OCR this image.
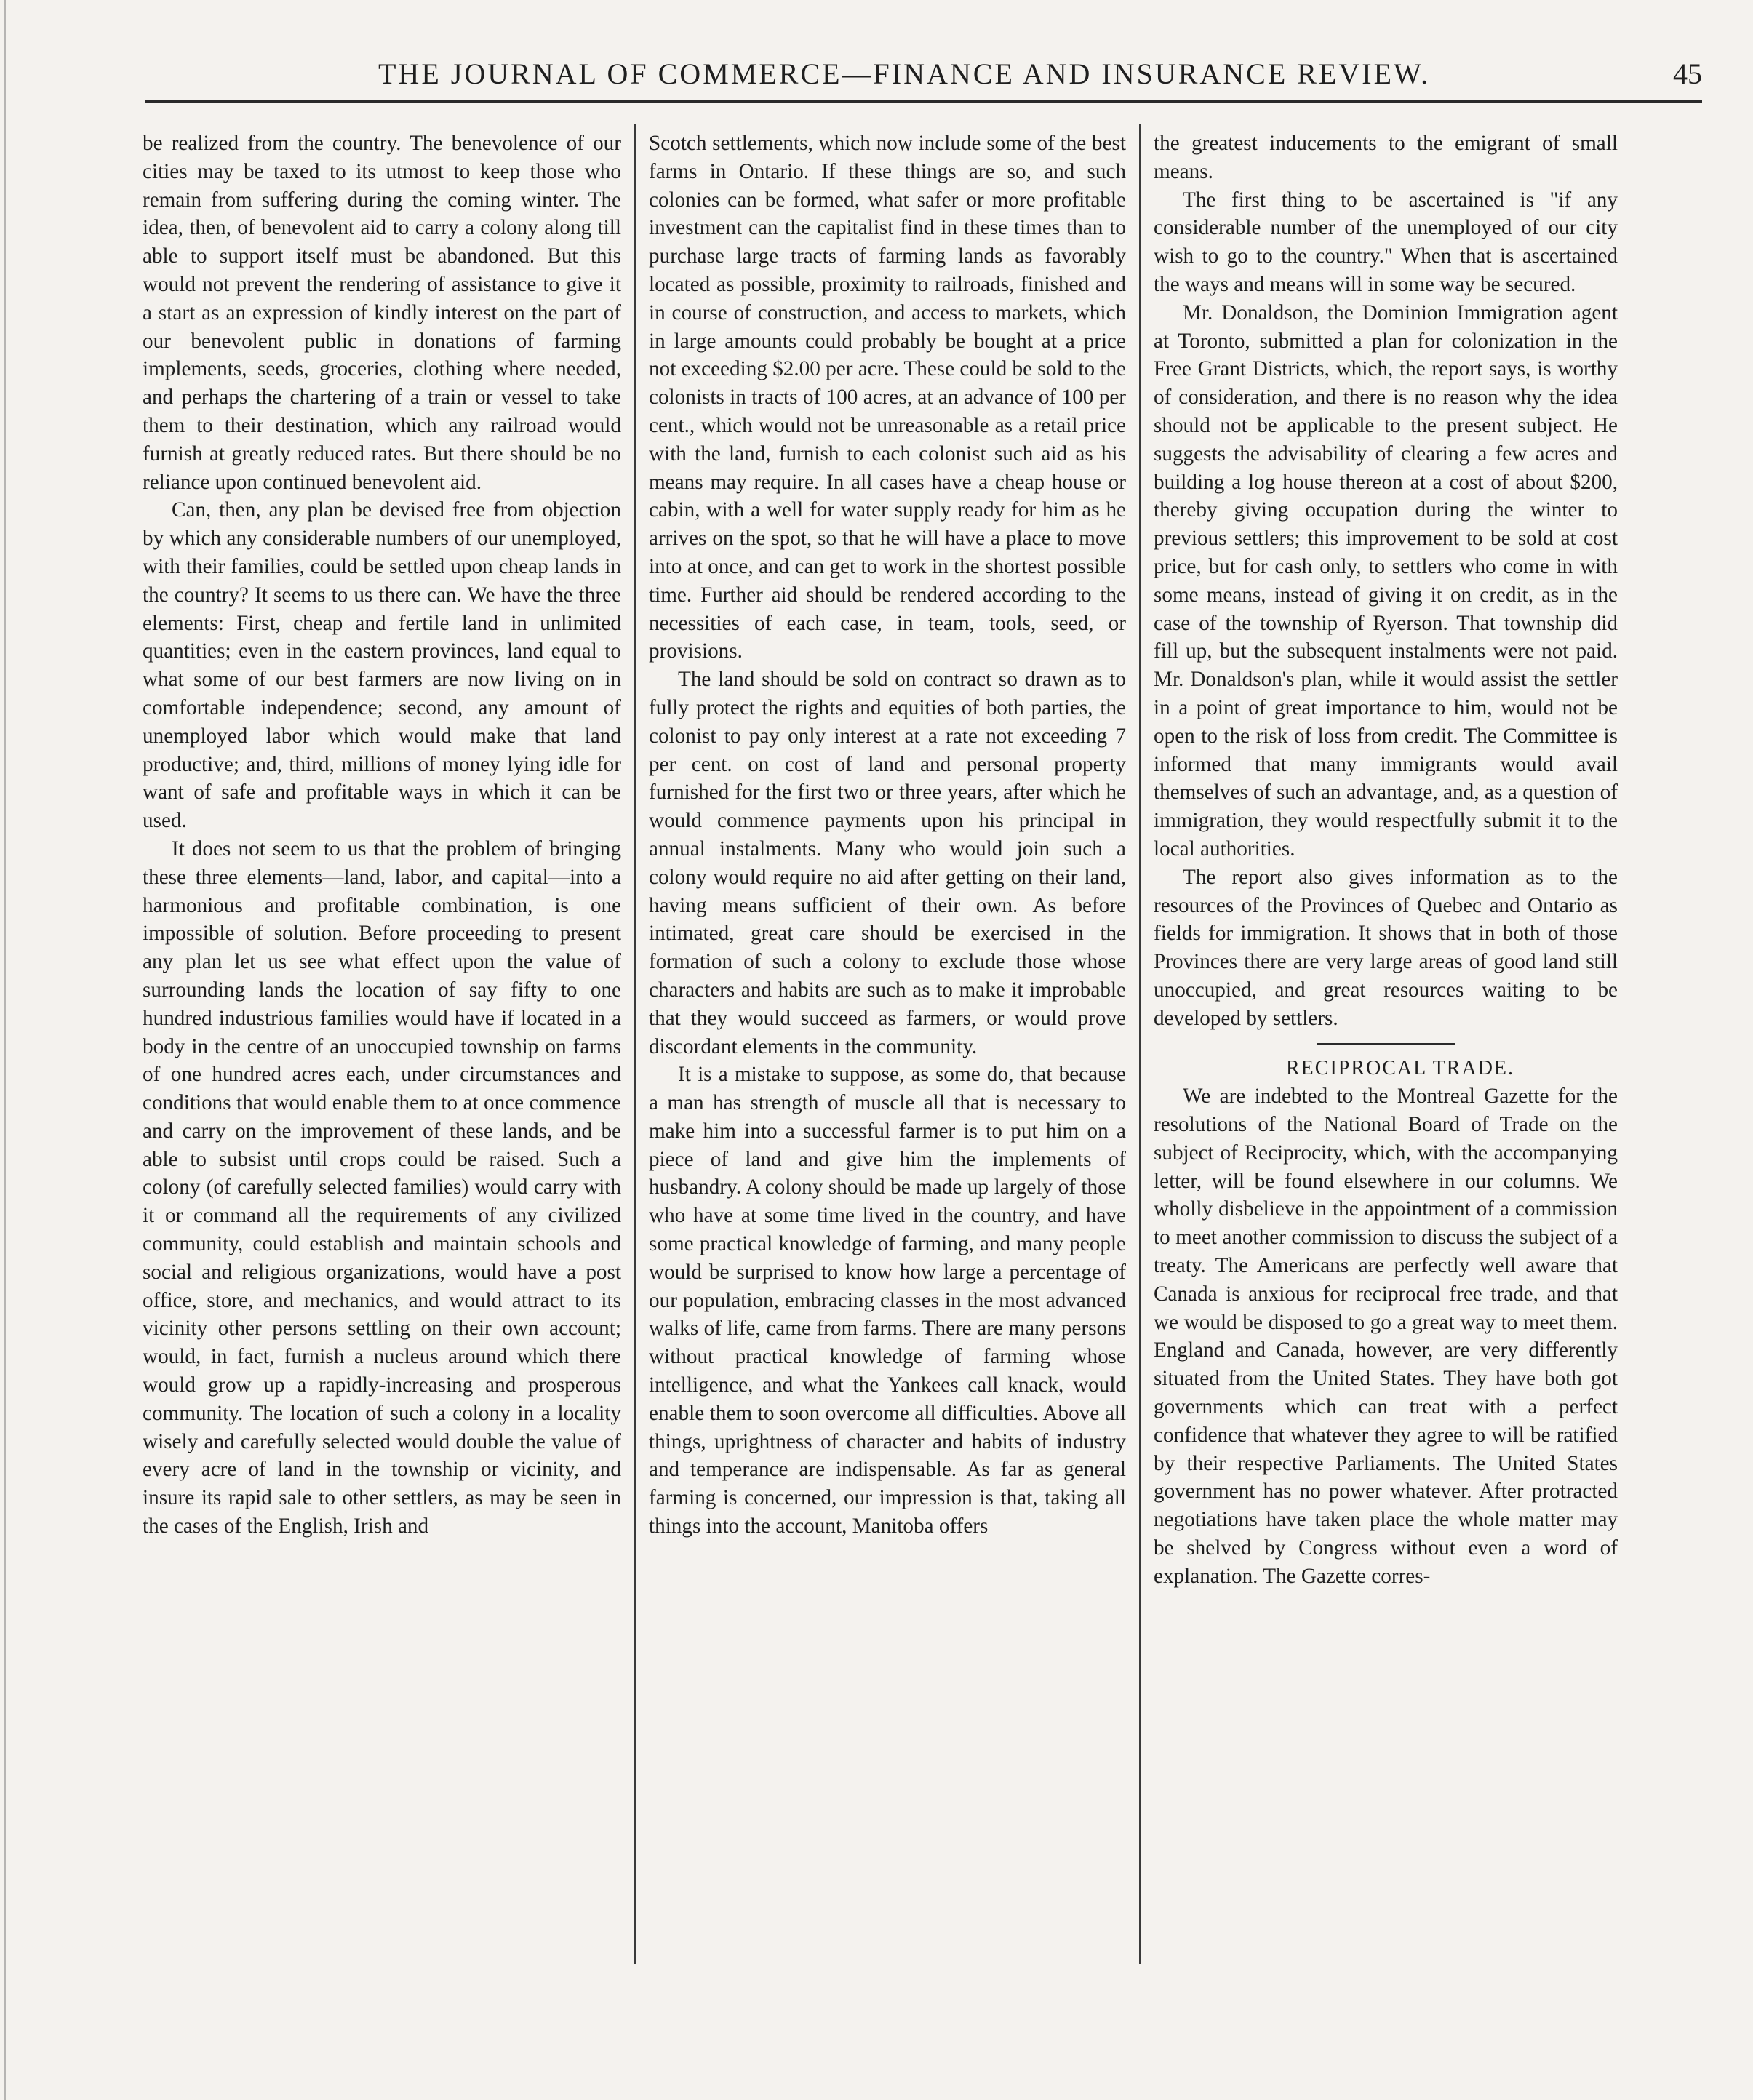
THE JOURNAL OF COMMERCE—FINANCE AND INSURANCE REVIEW.	45

be realized from the country. The benevolence of our cities may be taxed to its utmost to keep those who remain from suffering during the coming winter. The idea, then, of benevolent aid to carry a colony along till able to support itself must be abandoned. But this would not prevent the rendering of assistance to give it a start as an expression of kindly interest on the part of our benevolent public in donations of farming implements, seeds, groceries, clothing where needed, and perhaps the chartering of a train or vessel to take them to their destination, which any railroad would furnish at greatly reduced rates. But there should be no reliance upon continued benevolent aid.

Can, then, any plan be devised free from objection by which any considerable numbers of our unemployed, with their families, could be settled upon cheap lands in the country? It seems to us there can. We have the three elements: First, cheap and fertile land in unlimited quantities; even in the eastern provinces, land equal to what some of our best farmers are now living on in comfortable independence; second, any amount of unemployed labor which would make that land productive; and, third, millions of money lying idle for want of safe and profitable ways in which it can be used.

It does not seem to us that the problem of bringing these three elements—land, labor, and capital—into a harmonious and profitable combination, is one impossible of solution. Before proceeding to present any plan let us see what effect upon the value of surrounding lands the location of say fifty to one hundred industrious families would have if located in a body in the centre of an unoccupied township on farms of one hundred acres each, under circumstances and conditions that would enable them to at once commence and carry on the improvement of these lands, and be able to subsist until crops could be raised. Such a colony (of carefully selected families) would carry with it or command all the requirements of any civilized community, could establish and maintain schools and social and religious organizations, would have a post office, store, and mechanics, and would attract to its vicinity other persons settling on their own account; would, in fact, furnish a nucleus around which there would grow up a rapidly-increasing and prosperous community. The location of such a colony in a locality wisely and carefully selected would double the value of every acre of land in the township or vicinity, and insure its rapid sale to other settlers, as may be seen in the cases of the English, Irish and

Scotch settlements, which now include some of the best farms in Ontario. If these things are so, and such colonies can be formed, what safer or more profitable investment can the capitalist find in these times than to purchase large tracts of farming lands as favorably located as possible, proximity to railroads, finished and in course of construction, and access to markets, which in large amounts could probably be bought at a price not exceeding $2.00 per acre. These could be sold to the colonists in tracts of 100 acres, at an advance of 100 per cent., which would not be unreasonable as a retail price with the land, furnish to each colonist such aid as his means may require. In all cases have a cheap house or cabin, with a well for water supply ready for him as he arrives on the spot, so that he will have a place to move into at once, and can get to work in the shortest possible time. Further aid should be rendered according to the necessities of each case, in team, tools, seed, or provisions.

The land should be sold on contract so drawn as to fully protect the rights and equities of both parties, the colonist to pay only interest at a rate not exceeding 7 per cent. on cost of land and personal property furnished for the first two or three years, after which he would commence payments upon his principal in annual instalments. Many who would join such a colony would require no aid after getting on their land, having means sufficient of their own. As before intimated, great care should be exercised in the formation of such a colony to exclude those whose characters and habits are such as to make it improbable that they would succeed as farmers, or would prove discordant elements in the community.

It is a mistake to suppose, as some do, that because a man has strength of muscle all that is necessary to make him into a successful farmer is to put him on a piece of land and give him the implements of husbandry. A colony should be made up largely of those who have at some time lived in the country, and have some practical knowledge of farming, and many people would be surprised to know how large a percentage of our population, embracing classes in the most advanced walks of life, came from farms. There are many persons without practical knowledge of farming whose intelligence, and what the Yankees call knack, would enable them to soon overcome all difficulties. Above all things, uprightness of character and habits of industry and temperance are indispensable. As far as general farming is concerned, our impression is that, taking all things into the account, Manitoba offers

the greatest inducements to the emigrant of small means.

The first thing to be ascertained is "if any considerable number of the unemployed of our city wish to go to the country." When that is ascertained the ways and means will in some way be secured.

Mr. Donaldson, the Dominion Immigration agent at Toronto, submitted a plan for colonization in the Free Grant Districts, which, the report says, is worthy of consideration, and there is no reason why the idea should not be applicable to the present subject. He suggests the advisability of clearing a few acres and building a log house thereon at a cost of about $200, thereby giving occupation during the winter to previous settlers; this improvement to be sold at cost price, but for cash only, to settlers who come in with some means, instead of giving it on credit, as in the case of the township of Ryerson. That township did fill up, but the subsequent instalments were not paid. Mr. Donaldson's plan, while it would assist the settler in a point of great importance to him, would not be open to the risk of loss from credit. The Committee is informed that many immigrants would avail themselves of such an advantage, and, as a question of immigration, they would respectfully submit it to the local authorities.

The report also gives information as to the resources of the Provinces of Quebec and Ontario as fields for immigration. It shows that in both of those Provinces there are very large areas of good land still unoccupied, and great resources waiting to be developed by settlers.

RECIPROCAL TRADE.

We are indebted to the Montreal Gazette for the resolutions of the National Board of Trade on the subject of Reciprocity, which, with the accompanying letter, will be found elsewhere in our columns. We wholly disbelieve in the appointment of a commission to meet another commission to discuss the subject of a treaty. The Americans are perfectly well aware that Canada is anxious for reciprocal free trade, and that we would be disposed to go a great way to meet them. England and Canada, however, are very differently situated from the United States. They have both got governments which can treat with a perfect confidence that whatever they agree to will be ratified by their respective Parliaments. The United States government has no power whatever. After protracted negotiations have taken place the whole matter may be shelved by Congress without even a word of explanation. The Gazette corres-
